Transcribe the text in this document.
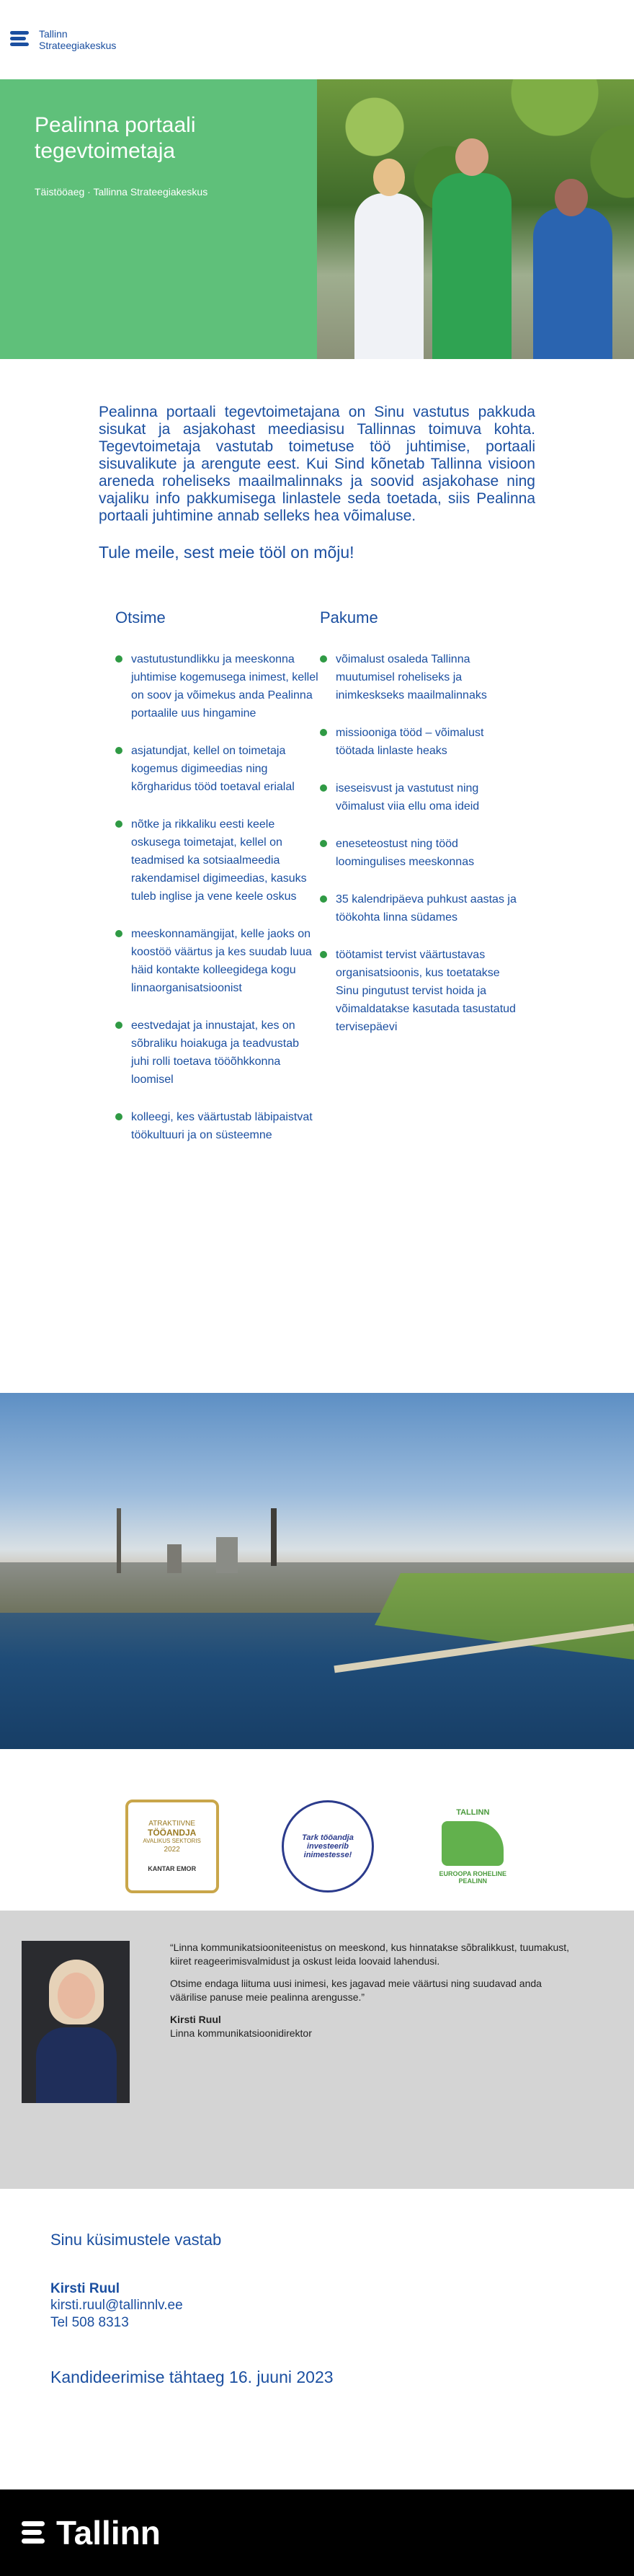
Tallinn
Strateegiakeskus
Pealinna portaali tegevtoimetaja
Täistööaeg · Tallinna Strateegiakeskus

Pealinna portaali tegevtoimetajana on Sinu vastutus pakkuda sisukat ja asjakohast meediasisu Tallinnas toimuva kohta. Tegevtoimetaja vastutab toimetuse töö juhtimise, portaali sisuvalikute ja arengute eest. Kui Sind kõnetab Tallinna visioon areneda roheliseks maailmalinnaks ja soovid asjakohase ning vajaliku info pakkumisega linlastele seda toetada, siis Pealinna portaali juhtimine annab selleks hea võimaluse.

Tule meile, sest meie tööl on mõju!

Otsime
vastutustundlikku ja meeskonna juhtimise kogemusega inimest, kellel on soov ja võimekus anda Pealinna portaalile uus hingamine
asjatundjat, kellel on toimetaja kogemus digimeedias ning kõrgharidus tööd toetaval erialal
nõtke ja rikkaliku eesti keele oskusega toimetajat, kellel on teadmised ka sotsiaalmeedia rakendamisel digimeedias, kasuks tuleb inglise ja vene keele oskus
meeskonnamängijat, kelle jaoks on koostöö väärtus ja kes suudab luua häid kontakte kolleegidega kogu linnaorganisatsioonist
eestvedajat ja innustajat, kes on sõbraliku hoiakuga ja teadvustab juhi rolli toetava tööõhkkonna loomisel
kolleegi, kes väärtustab läbipaistvat töökultuuri ja on süsteemne
Pakume
võimalust osaleda Tallinna muutumisel roheliseks ja inimkeskseks maailmalinnaks
missiooniga tööd – võimalust töötada linlaste heaks
iseseisvust ja vastutust ning võimalust viia ellu oma ideid
eneseteostust ning tööd loomingulises meeskonnas
35 kalendripäeva puhkust aastas ja töökohta linna südames
töötamist tervist väärtustavas organisatsioonis, kus toetatakse Sinu pingutust tervist hoida ja võimaldatakse kasutada tasustatud tervisepäevi
ATRAKTIIVNE
TÖÖANDJA
AVALIKUS SEKTORIS
2022
KANTAR EMOR
Tark tööandja investeerib inimestesse!
TALLINN
EUROOPA ROHELINE PEALINN

“Linna kommunikatsiooniteenistus on meeskond, kus hinnatakse sõbralikkust, tuumakust, kiiret reageerimisvalmidust ja oskust leida loovaid lahendusi.

Otsime endaga liituma uusi inimesi, kes jagavad meie väärtusi ning suudavad anda väärilise panuse meie pealinna arengusse.”

Kirsti Ruul
Linna kommunikatsioonidirektor
Sinu küsimustele vastab
Kirsti Ruul
kirsti.ruul@tallinnlv.ee
Tel 508 8313
Kandideerimise tähtaeg 16. juuni 2023
Tallinn
